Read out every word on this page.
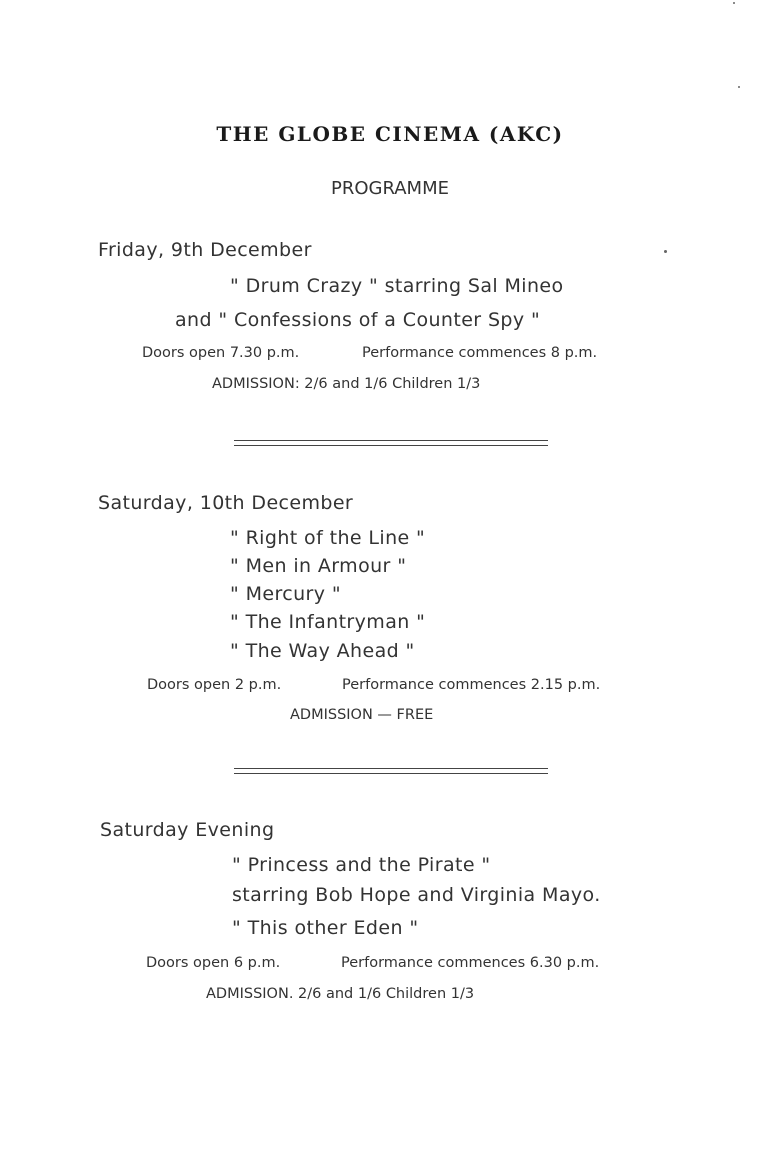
THE GLOBE CINEMA (AKC)
PROGRAMME
Friday, 9th December
" Drum Crazy " starring Sal Mineo
and " Confessions of a Counter Spy "
Doors open 7.30 p.m.	Performance commences 8 p.m.
ADMISSION: 2/6 and 1/6 Children 1/3
Saturday, 10th December
" Right of the Line "
" Men in Armour "
" Mercury "
" The Infantryman "
" The Way Ahead "
Doors open 2 p.m.	Performance commences 2.15 p.m.
ADMISSION — FREE
Saturday Evening
" Princess and the Pirate "
starring Bob Hope and Virginia Mayo.
" This other Eden "
Doors open 6 p.m.	Performance commences 6.30 p.m.
ADMISSION. 2/6 and 1/6 Children 1/3
